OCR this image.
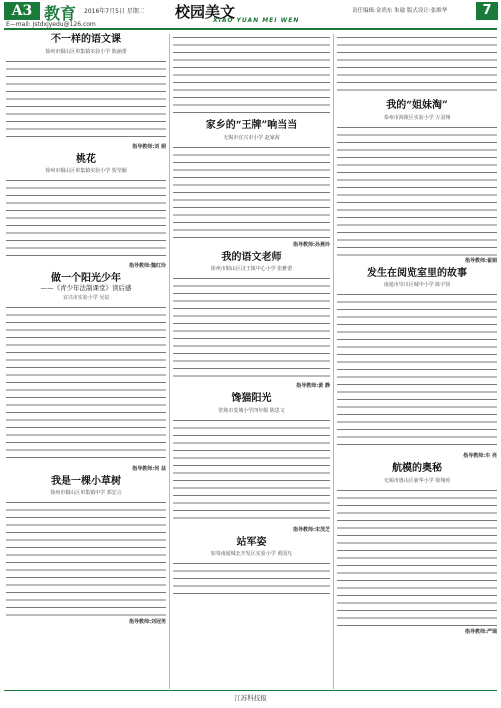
A3 教育 2016年7月5日 星期二
E—mail: jstdxjyedu@126.com
校园美文
XIAO YUAN MEI WEN
责任编辑:金尚东 朱瑜 版式设计:张维华	7
不一样的语文课
徐州市铜山区单集镇实验小学 陈涵蕾
指导教师:刘 娟
桃花
徐州市铜山区单集镇实验小学 贺莹颖
指导教师:魏红玲
做一个阳光少年
——《青少年法制课堂》读后感
宜兴市实验小学 吴辰
指导教师:何 益
我是一棵小草树
徐州市铜山区单集镇中学 郭宏言
指导教师:刘冠男
家乡的“王牌”响当当
无锡市宜兴市小学 赵家茜
指导教师:孙燕玲
我的语文老师
徐州市铜山区汉王镇中心小学 张雅蕾
指导教师:黄 静
馋猫阳光
常熟市莫城小学四年级 陈思文
指导教师:宋茂芝
站军姿
如皋南通城北开发区实验小学 黄国凡
我的“姐妹淘”
泰州市海陵区实验小学 万羽翔
指导教师:翟娟
发生在阅览室里的故事
南通市崇川区城中小学 陈宇钧
指导教师:车 亮
航模的奥秘
无锡市惠山区新华小学 徐翔涛
指导教师:严瑞
江苏科技报
